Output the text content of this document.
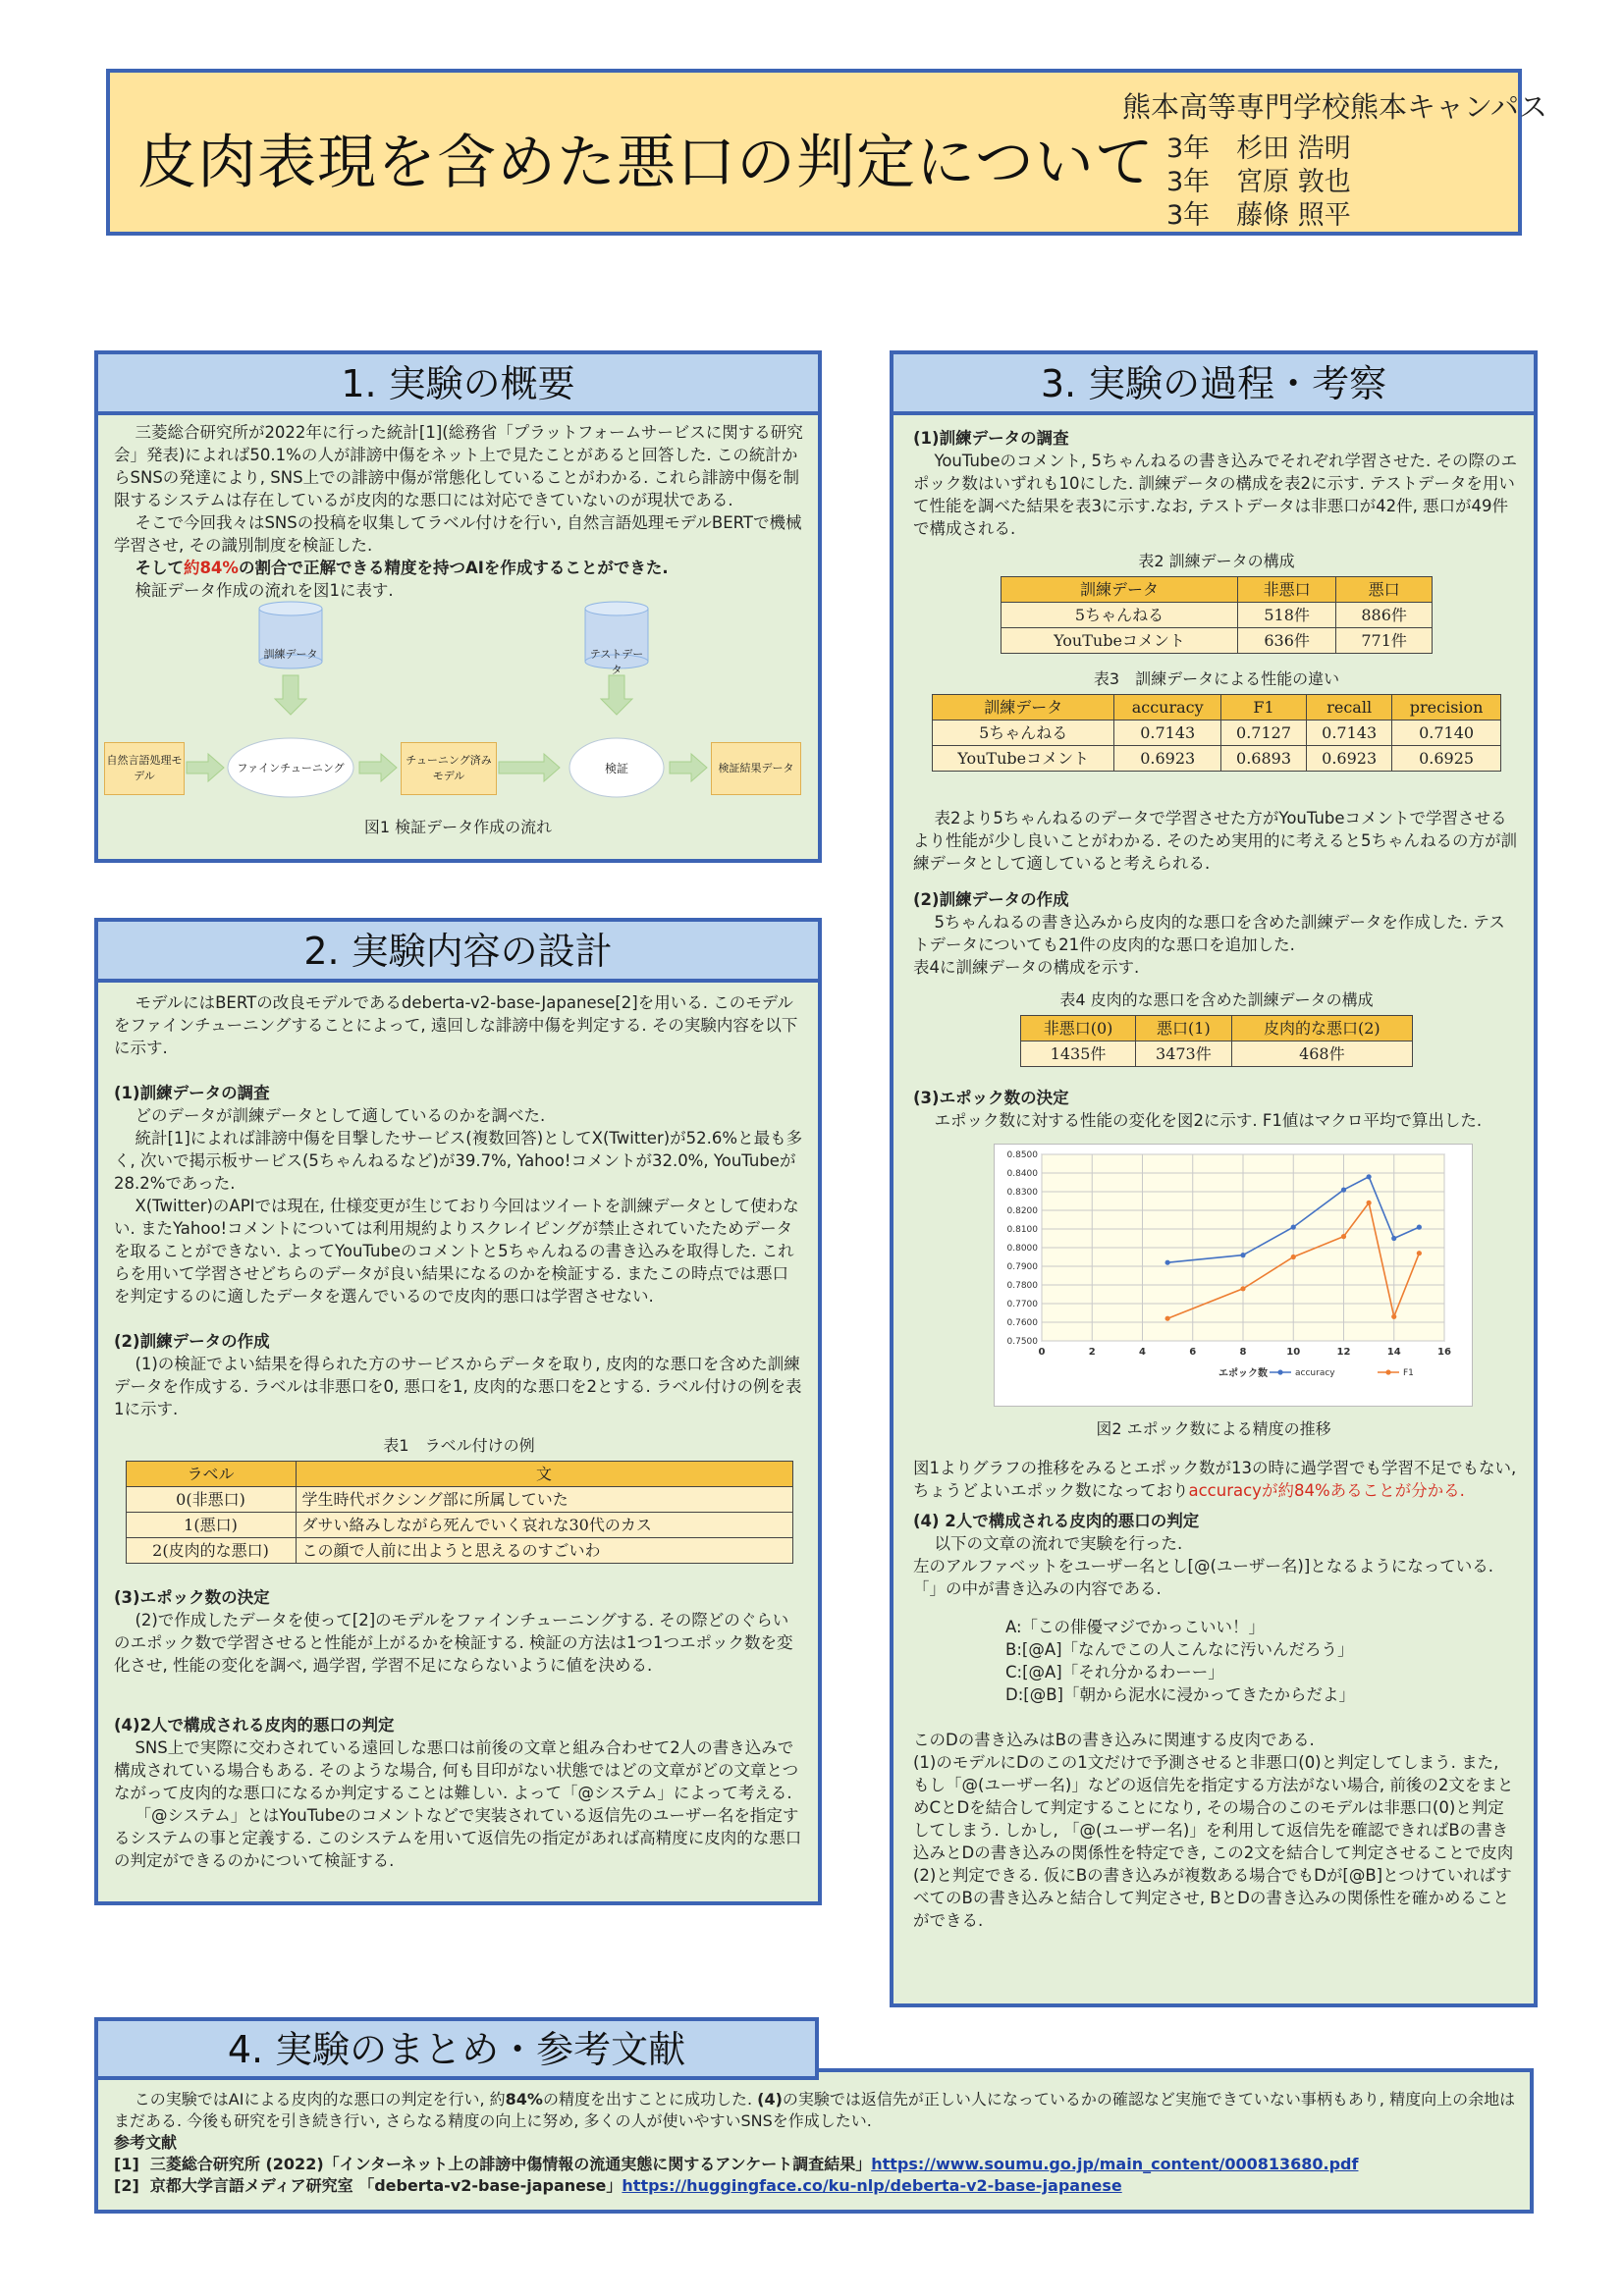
皮肉表現を含めた悪口の判定について
熊本高等専門学校熊本キャンパス
3年　杉田 浩明
3年　宮原 敦也
3年　藤條 照平
1. 実験の概要

三菱総合研究所が2022年に行った統計[1](総務省「プラットフォームサービスに関する研究会」発表)によれば50.1%の人が誹謗中傷をネット上で見たことがあると回答した. この統計からSNSの発達により, SNS上での誹謗中傷が常態化していることがわかる. これら誹謗中傷を制限するシステムは存在しているが皮肉的な悪口には対応できていないのが現状である.

そこで今回我々はSNSの投稿を収集してラベル付けを行い, 自然言語処理モデルBERTで機械学習させ, その識別制度を検証した.

そして約84%の割合で正解できる精度を持つAIを作成することができた.

検証データ作成の流れを図1に表す.

訓練データ	テストデータ
自然言語処理モデル
ファインチューニング
チューニング済みモデル
検証	検証結果データ
図1 検証データ作成の流れ
2. 実験内容の設計

モデルにはBERTの改良モデルであるdeberta-v2-base-Japanese[2]を用いる. このモデルをファインチューニングすることによって, 遠回しな誹謗中傷を判定する. その実験内容を以下に示す.

(1)訓練データの調査

どのデータが訓練データとして適しているのかを調べた.

統計[1]によれば誹謗中傷を目撃したサービス(複数回答)としてX(Twitter)が52.6%と最も多く, 次いで掲示板サービス(5ちゃんねるなど)が39.7%, Yahoo!コメントが32.0%, YouTubeが28.2%であった.

X(Twitter)のAPIでは現在, 仕様変更が生じており今回はツイートを訓練データとして使わない. またYahoo!コメントについては利用規約よりスクレイピングが禁止されていたためデータを取ることができない. よってYouTubeのコメントと5ちゃんねるの書き込みを取得した. これらを用いて学習させどちらのデータが良い結果になるのかを検証する. またこの時点では悪口を判定するのに適したデータを選んでいるので皮肉的悪口は学習させない.

(2)訓練データの作成

(1)の検証でよい結果を得られた方のサービスからデータを取り, 皮肉的な悪口を含めた訓練データを作成する. ラベルは非悪口を0, 悪口を1, 皮肉的な悪口を2とする. ラベル付けの例を表1に示す.

表1　ラベル付けの例
ラベル	文
0(非悪口)	学生時代ボクシング部に所属していた
1(悪口)	ダサい絡みしながら死んでいく哀れな30代のカス
2(皮肉的な悪口)	この顔で人前に出ようと思えるのすごいわ

(3)エポック数の決定

(2)で作成したデータを使って[2]のモデルをファインチューニングする. その際どのぐらいのエポック数で学習させると性能が上がるかを検証する. 検証の方法は1つ1つエポック数を変化させ, 性能の変化を調べ, 過学習, 学習不足にならないように値を決める.

(4)2人で構成される皮肉的悪口の判定

SNS上で実際に交わされている遠回しな悪口は前後の文章と組み合わせて2人の書き込みで構成されている場合もある. そのような場合, 何も目印がない状態ではどの文章がどの文章とつながって皮肉的な悪口になるか判定することは難しい. よって「@システム」によって考える.

「@システム」とはYouTubeのコメントなどで実装されている返信先のユーザー名を指定するシステムの事と定義する. このシステムを用いて返信先の指定があれば高精度に皮肉的な悪口の判定ができるのかについて検証する.

3. 実験の過程・考察

(1)訓練データの調査

YouTubeのコメント, 5ちゃんねるの書き込みでそれぞれ学習させた. その際のエポック数はいずれも10にした. 訓練データの構成を表2に示す. テストデータを用いて性能を調べた結果を表3に示す.なお, テストデータは非悪口が42件, 悪口が49件で構成される.

表2 訓練データの構成
訓練データ	非悪口	悪口
5ちゃんねる	518件	886件
YouTubeコメント	636件	771件
表3　訓練データによる性能の違い
訓練データ	accuracy	F1	recall	precision
5ちゃんねる	0.7143	0.7127	0.7143	0.7140
YouTubeコメント	0.6923	0.6893	0.6923	0.6925

表2より5ちゃんねるのデータで学習させた方がYouTubeコメントで学習させるより性能が少し良いことがわかる. そのため実用的に考えると5ちゃんねるの方が訓練データとして適していると考えられる.

(2)訓練データの作成

5ちゃんねるの書き込みから皮肉的な悪口を含めた訓練データを作成した. テストデータについても21件の皮肉的な悪口を追加した.

表4に訓練データの構成を示す.

表4 皮肉的な悪口を含めた訓練データの構成
非悪口(0)	悪口(1)	皮肉的な悪口(2)
1435件	3473件	468件

(3)エポック数の決定

エポック数に対する性能の変化を図2に示す. F1値はマクロ平均で算出した.

0.7500
0.7600
0.7700
0.7800
0.7900
0.8000
0.8100
0.8200
0.8300
0.8400
0.8500
0	2	4	6	8	10	12	14	16
エポック数	accuracy	F1
図2 エポック数による精度の推移

図1よりグラフの推移をみるとエポック数が13の時に過学習でも学習不足でもない, ちょうどよいエポック数になっておりaccuracyが約84%あることが分かる.

(4) 2人で構成される皮肉的悪口の判定

以下の文章の流れで実験を行った.

左のアルファベットをユーザー名とし[@(ユーザー名)]となるようになっている. 「」の中が書き込みの内容である.

A:「この俳優マジでかっこいい！」

B:[@A]「なんでこの人こんなに汚いんだろう」

C:[@A]「それ分かるわーー」

D:[@B]「朝から泥水に浸かってきたからだよ」

このDの書き込みはBの書き込みに関連する皮肉である.

(1)のモデルにDのこの1文だけで予測させると非悪口(0)と判定してしまう. また, もし「@(ユーザー名)」などの返信先を指定する方法がない場合, 前後の2文をまとめCとDを結合して判定することになり, その場合のこのモデルは非悪口(0)と判定してしまう. しかし, 「@(ユーザー名)」を利用して返信先を確認できればBの書き込みとDの書き込みの関係性を特定でき, この2文を結合して判定させることで皮肉(2)と判定できる. 仮にBの書き込みが複数ある場合でもDが[@B]とつけていればすべてのBの書き込みと結合して判定させ, BとDの書き込みの関係性を確かめることができる.

4. 実験のまとめ・参考文献

この実験ではAIによる皮肉的な悪口の判定を行い, 約84%の精度を出すことに成功した. (4)の実験では返信先が正しい人になっているかの確認など実施できていない事柄もあり, 精度向上の余地はまだある. 今後も研究を引き続き行い, さらなる精度の向上に努め, 多くの人が使いやすいSNSを作成したい.

参考文献

[1] 三菱総合研究所 (2022)「インターネット上の誹謗中傷情報の流通実態に関するアンケート調査結果」https://www.soumu.go.jp/main_content/000813680.pdf

[2] 京都大学言語メディア研究室 「deberta-v2-base-japanese」https://huggingface.co/ku-nlp/deberta-v2-base-japanese
